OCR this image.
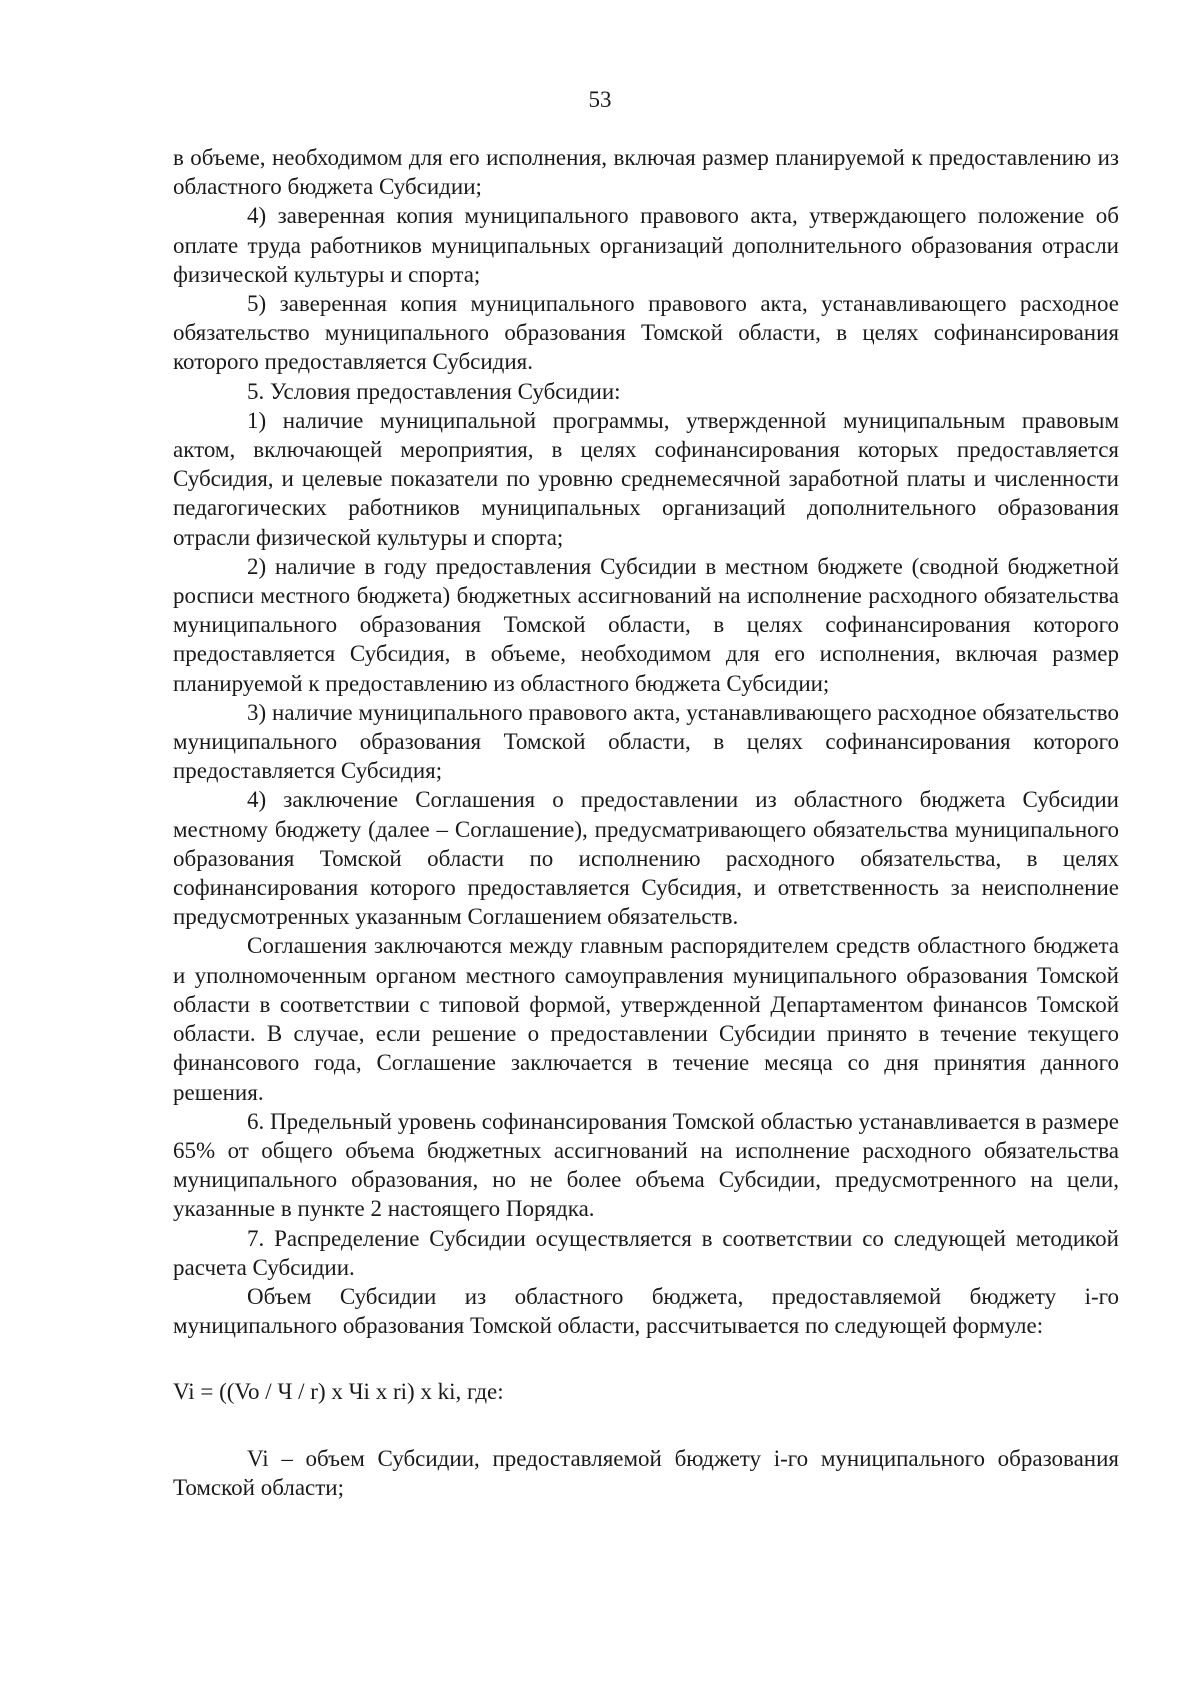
53

в объеме, необходимом для его исполнения, включая размер планируемой к предоставлению из областного бюджета Субсидии;

4) заверенная копия муниципального правового акта, утверждающего положение об оплате труда работников муниципальных организаций дополнительного образования отрасли физической культуры и спорта;

5) заверенная копия муниципального правового акта, устанавливающего расходное обязательство муниципального образования Томской области, в целях софинансирования которого предоставляется Субсидия.

5. Условия предоставления Субсидии:

1) наличие муниципальной программы, утвержденной муниципальным правовым актом, включающей мероприятия, в целях софинансирования которых предоставляется Субсидия, и целевые показатели по уровню среднемесячной заработной платы и численности педагогических работников муниципальных организаций дополнительного образования отрасли физической культуры и спорта;

2) наличие в году предоставления Субсидии в местном бюджете (сводной бюджетной росписи местного бюджета) бюджетных ассигнований на исполнение расходного обязательства муниципального образования Томской области, в целях софинансирования которого предоставляется Субсидия, в объеме, необходимом для его исполнения, включая размер планируемой к предоставлению из областного бюджета Субсидии;

3) наличие муниципального правового акта, устанавливающего расходное обязательство муниципального образования Томской области, в целях софинансирования которого предоставляется Субсидия;

4) заключение Соглашения о предоставлении из областного бюджета Субсидии местному бюджету (далее – Соглашение), предусматривающего обязательства муниципального образования Томской области по исполнению расходного обязательства, в целях софинансирования которого предоставляется Субсидия, и ответственность за неисполнение предусмотренных указанным Соглашением обязательств.

Соглашения заключаются между главным распорядителем средств областного бюджета и уполномоченным органом местного самоуправления муниципального образования Томской области в соответствии с типовой формой, утвержденной Департаментом финансов Томской области. В случае, если решение о предоставлении Субсидии принято в течение текущего финансового года, Соглашение заключается в течение месяца со дня принятия данного решения.

6. Предельный уровень софинансирования Томской областью устанавливается в размере 65% от общего объема бюджетных ассигнований на исполнение расходного обязательства муниципального образования, но не более объема Субсидии, предусмотренного на цели, указанные в пункте 2 настоящего Порядка.

7. Распределение Субсидии осуществляется в соответствии со следующей методикой расчета Субсидии.

Объем Субсидии из областного бюджета, предоставляемой бюджету i-го муниципального образования Томской области, рассчитывается по следующей формуле:

Vi = ((Vo / Ч / r) x Чi x ri) x ki, где:

Vi – объем Субсидии, предоставляемой бюджету i-го муниципального образования Томской области;
